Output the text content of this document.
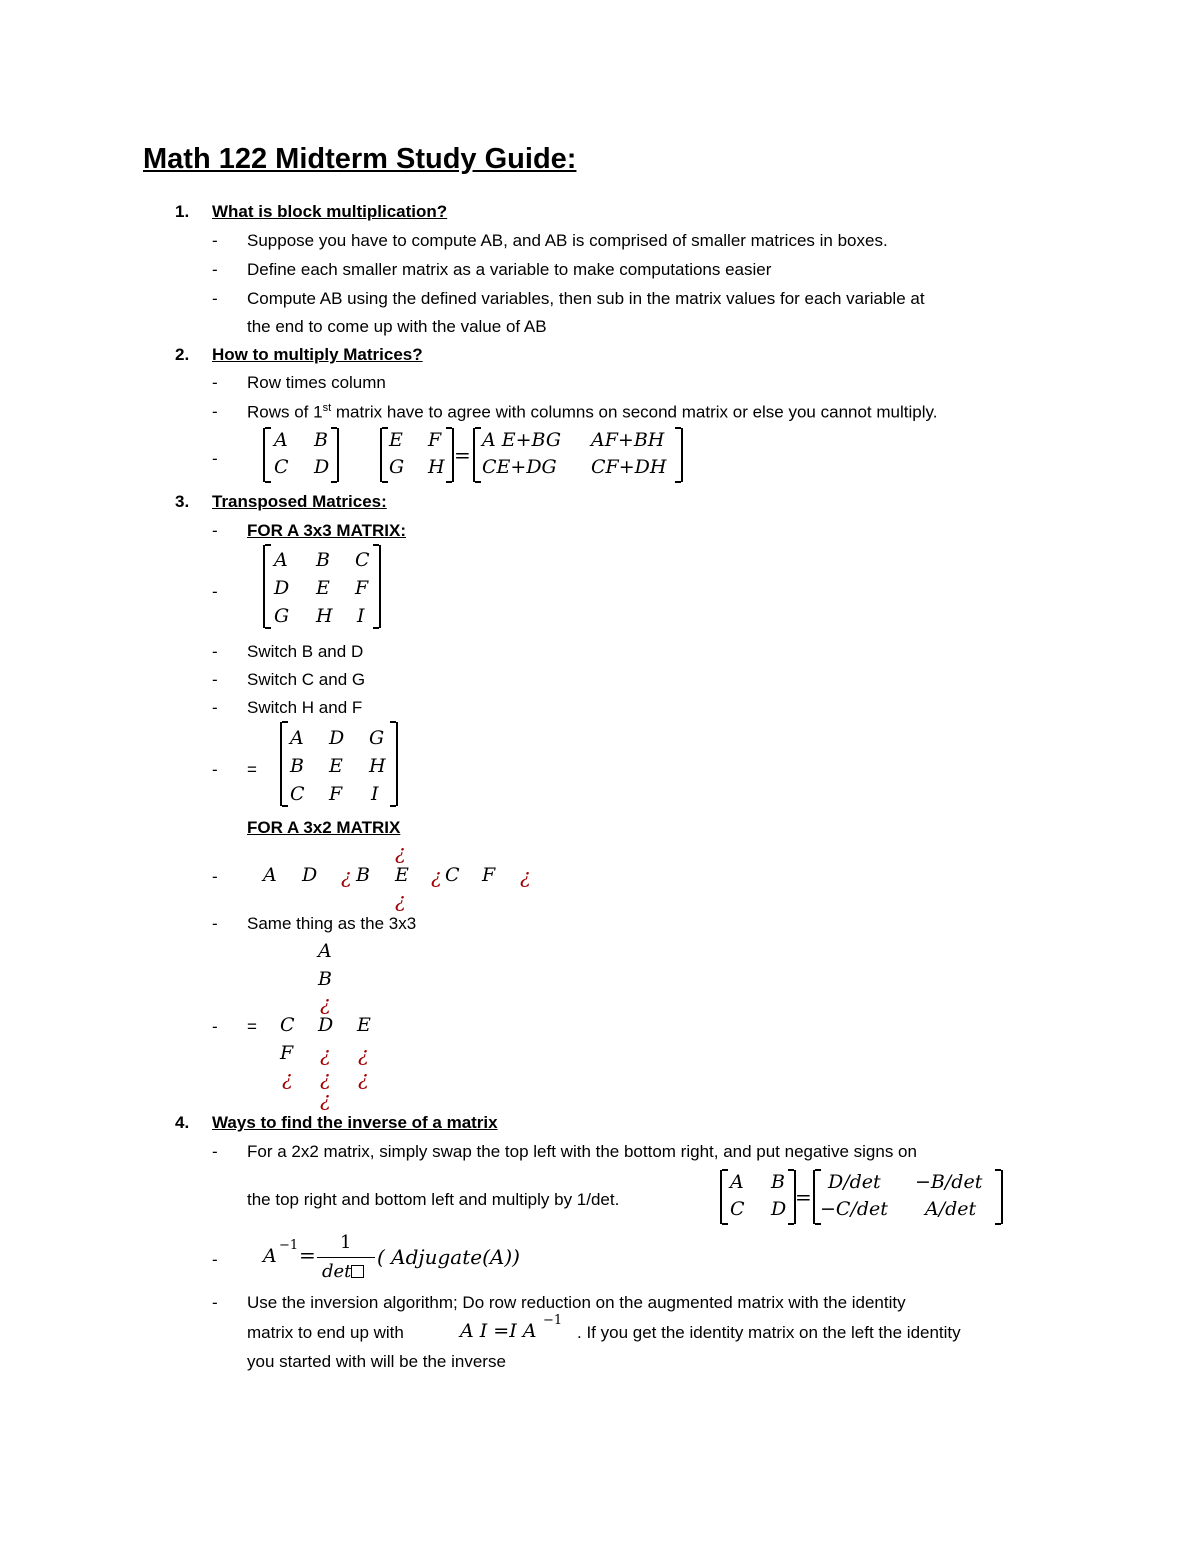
Math 122 Midterm Study Guide:
1. What is block multiplication?
- Suppose you have to compute AB, and AB is comprised of smaller matrices in boxes.
- Define each smaller matrix as a variable to make computations easier
- Compute AB using the defined variables, then sub in the matrix values for each variable at
the end to come up with the value of AB
2. How to multiply Matrices?
- Row times column
- Rows of 1st matrix have to agree with columns on second matrix or else you cannot multiply.
-
A B
C D
E F
G H =
A E+BG AF+BH
CE+DG CF+DH
3. Transposed Matrices:
- FOR A 3x3 MATRIX:
-
A B C
D E F
G H I
- Switch B and D
- Switch C and G
- Switch H and F
- =
A D G
B E H
C F I
FOR A 3x2 MATRIX
¿
- A D ¿ B E ¿ C F ¿
¿
- Same thing as the 3x3
A
B
¿
- = C D E
F ¿ ¿
¿ ¿ ¿
¿
4. Ways to find the inverse of a matrix
- For a 2x2 matrix, simply swap the top left with the bottom right, and put negative signs on
the top right and bottom left and multiply by 1/det.
A B
C D =
D/det −B/det
−C/det A/det
- A −1 =
1
det
( Adjugate(A))
- Use the inversion algorithm; Do row reduction on the augmented matrix with the identity
matrix to end up with	A I =I A −1
. If you get the identity matrix on the left the identity
you started with will be the inverse
